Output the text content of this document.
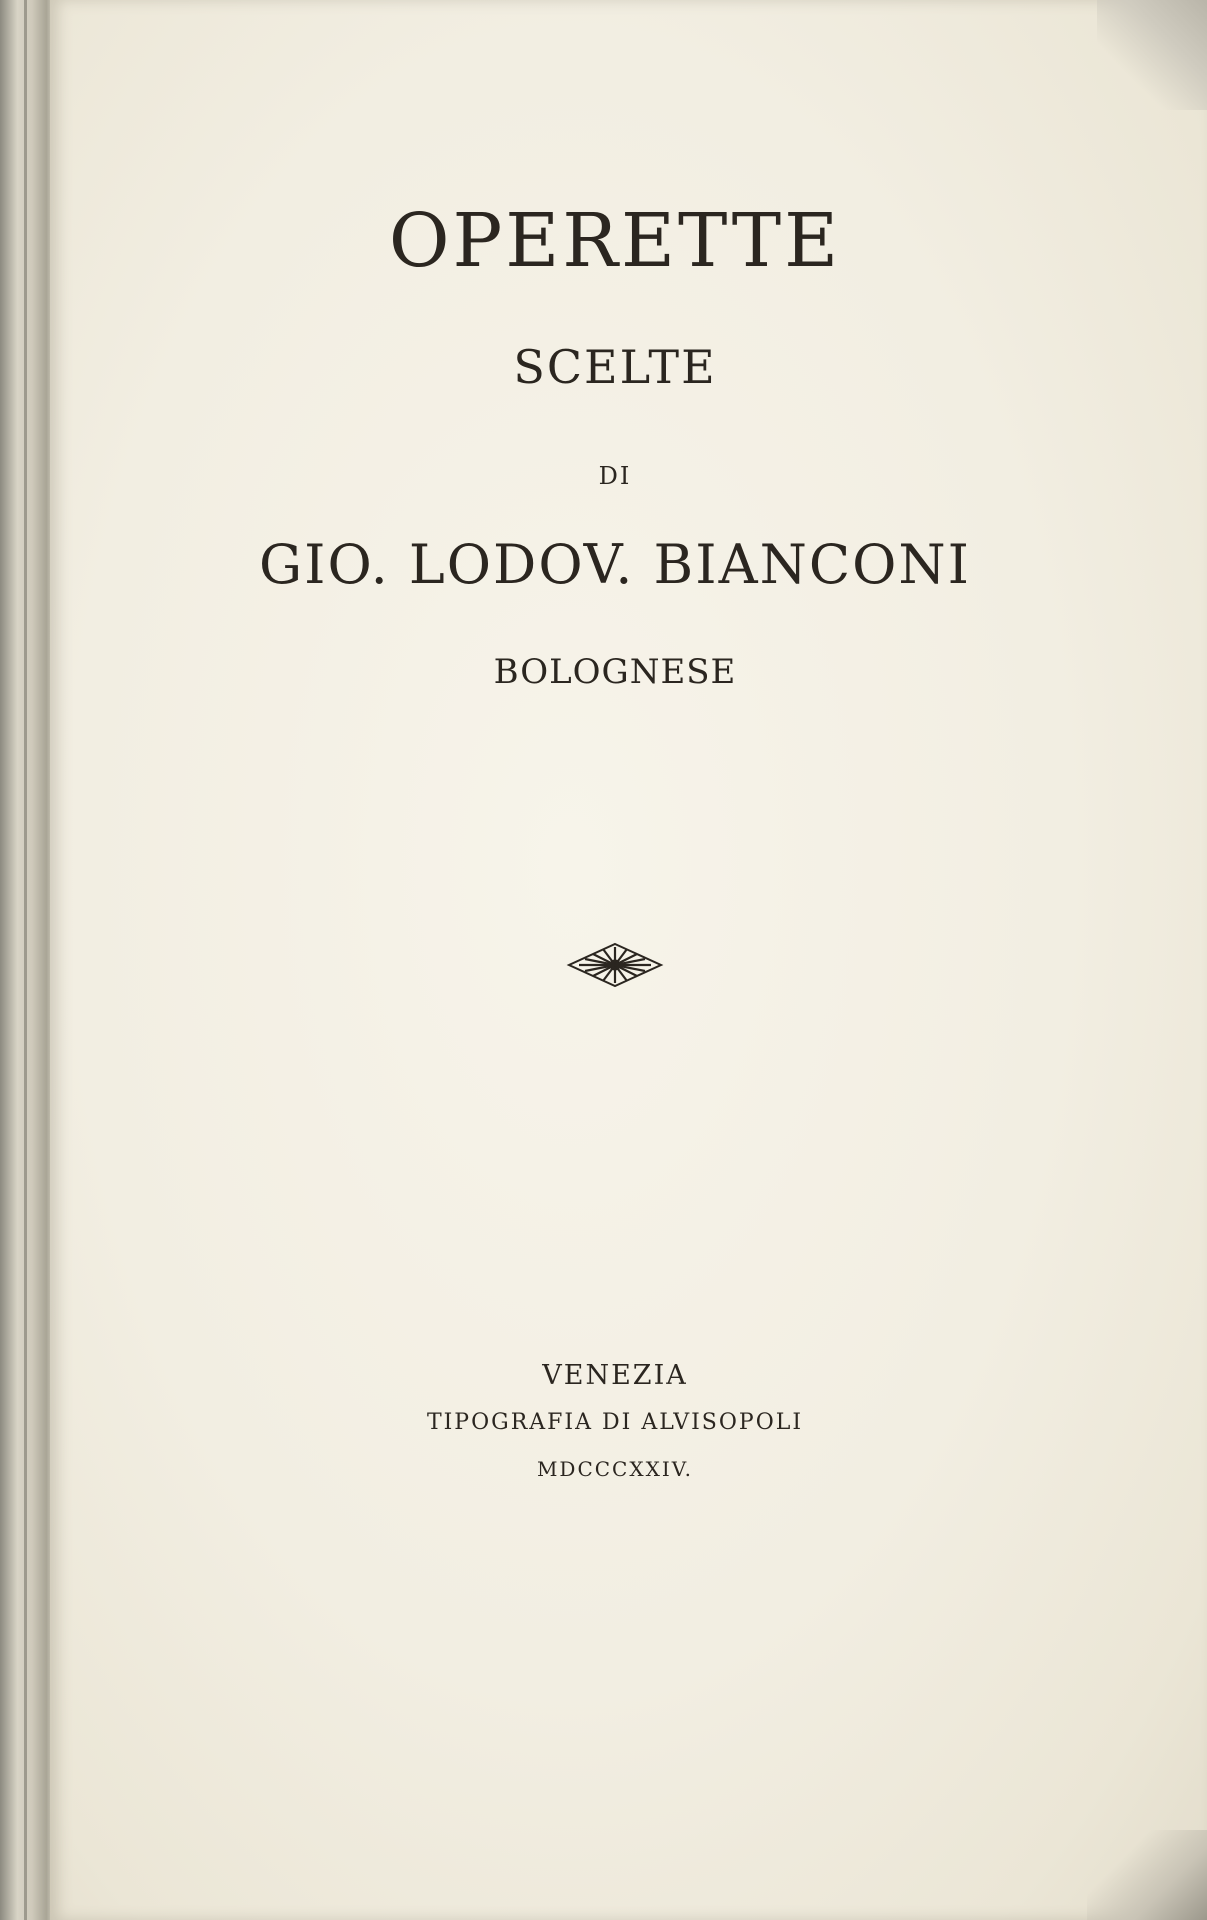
OPERETTE
SCELTE
DI
GIO. LODOV. BIANCONI
BOLOGNESE
VENEZIA
TIPOGRAFIA DI ALVISOPOLI
MDCCCXXIV.
